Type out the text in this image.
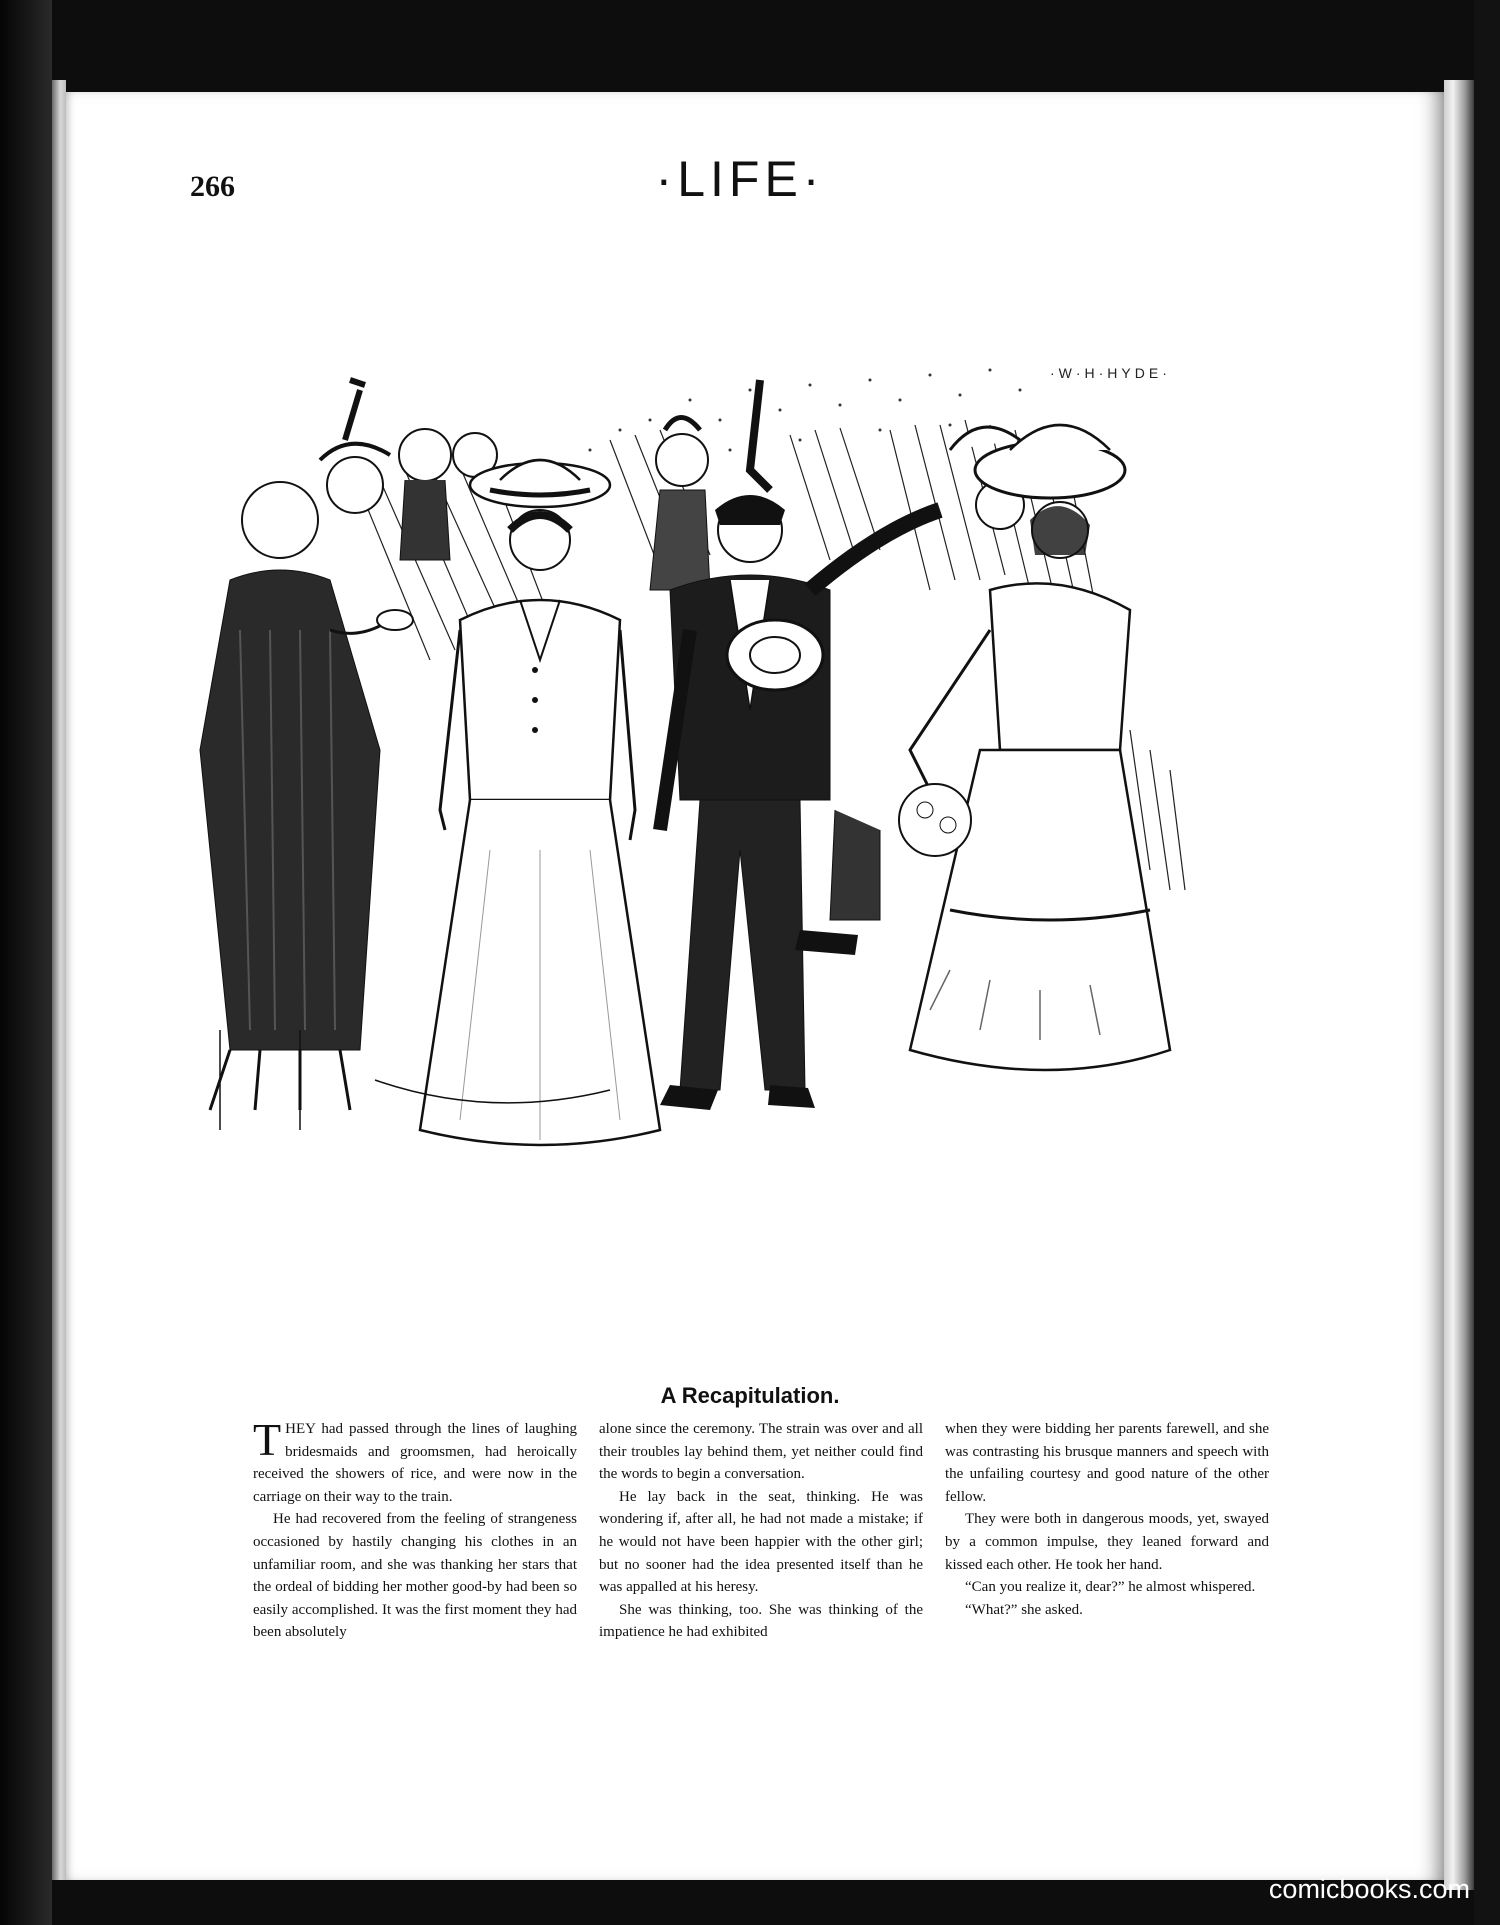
266	·LIFE·
·W·H·HYDE·
A Recapitulation.

THEY had passed through the lines of laughing bridesmaids and groomsmen, had heroically received the showers of rice, and were now in the carriage on their way to the train.

He had recovered from the feeling of strangeness occasioned by hastily changing his clothes in an unfamiliar room, and she was thanking her stars that the ordeal of bidding her mother good-by had been so easily accomplished. It was the first moment they had been absolutely

alone since the ceremony. The strain was over and all their troubles lay behind them, yet neither could find the words to begin a conversation.

He lay back in the seat, thinking. He was wondering if, after all, he had not made a mistake; if he would not have been happier with the other girl; but no sooner had the idea presented itself than he was appalled at his heresy.

She was thinking, too. She was thinking of the impatience he had exhibited

when they were bidding her parents farewell, and she was contrasting his brusque manners and speech with the unfailing courtesy and good nature of the other fellow.

They were both in dangerous moods, yet, swayed by a common impulse, they leaned forward and kissed each other. He took her hand.

“Can you realize it, dear?” he almost whispered.

“What?” she asked.

comicbooks.com
